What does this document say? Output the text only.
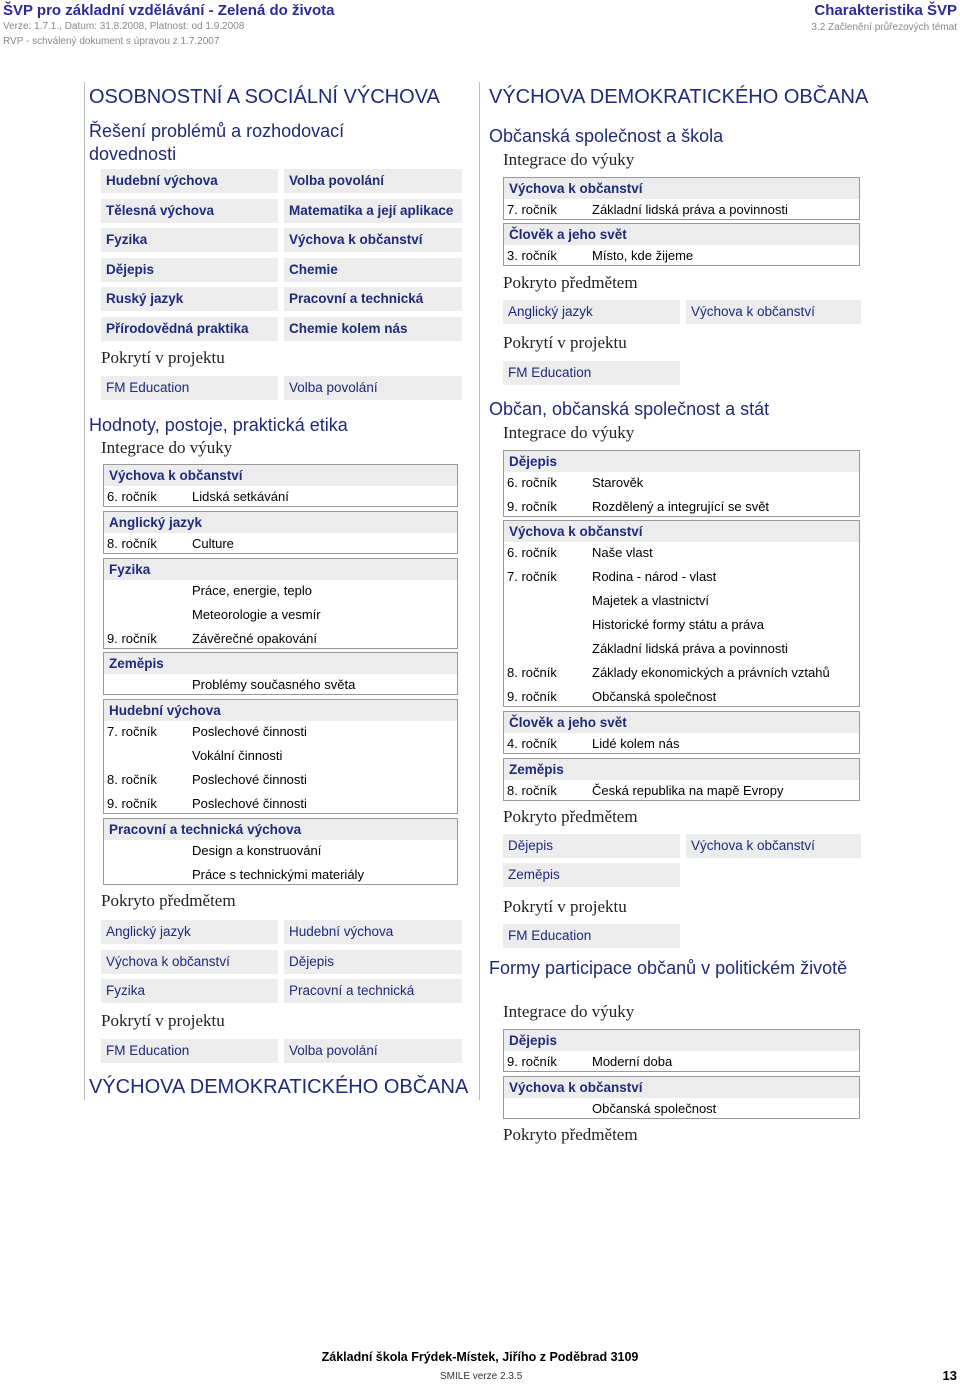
ŠVP pro základní vzdělávání - Zelená do života
Verze: 1.7.1., Datum: 31.8.2008, Platnost: od 1.9.2008
RVP - schválený dokument s úpravou z 1.7.2007
Charakteristika ŠVP
3.2 Začlenění průřezových témat
OSOBNOSTNÍ A SOCIÁLNÍ VÝCHOVA
Řešení problémů a rozhodovací dovednosti
Hudební výchova	Volba povolání
Tělesná výchova	Matematika a její aplikace
Fyzika	Výchova k občanství
Dějepis	Chemie
Ruský jazyk	Pracovní a technická
Přírodovědná praktika	Chemie kolem nás
Pokrytí v projektu
FM Education	Volba povolání
Hodnoty, postoje, praktická etika
Integrace do výuky
Výchova k občanství
6. ročník	Lidská setkávání
Anglický jazyk
8. ročník	Culture
Fyzika
Práce, energie, teplo
Meteorologie a vesmír
9. ročník	Závěrečné opakování
Zeměpis
Problémy současného světa
Hudební výchova
7. ročník	Poslechové činnosti
Vokální činnosti
8. ročník	Poslechové činnosti
9. ročník	Poslechové činnosti
Pracovní a technická výchova
Design a konstruování
Práce s technickými materiály
Pokryto předmětem
Anglický jazyk	Hudební výchova
Výchova k občanství	Dějepis
Fyzika	Pracovní a technická
Pokrytí v projektu
FM Education	Volba povolání
VÝCHOVA DEMOKRATICKÉHO OBČANA
VÝCHOVA DEMOKRATICKÉHO OBČANA
Občanská společnost a škola
Integrace do výuky
Výchova k občanství
7. ročník	Základní lidská práva a povinnosti
Člověk a jeho svět
3. ročník	Místo, kde žijeme
Pokryto předmětem
Anglický jazyk	Výchova k občanství
Pokrytí v projektu
FM Education
Občan, občanská společnost a stát
Integrace do výuky
Dějepis
6. ročník	Starověk
9. ročník	Rozdělený a integrující se svět
Výchova k občanství
6. ročník	Naše vlast
7. ročník	Rodina - národ - vlast
Majetek a vlastnictví
Historické formy státu a práva
Základní lidská práva a povinnosti
8. ročník	Základy ekonomických a právních vztahů
9. ročník	Občanská společnost
Člověk a jeho svět
4. ročník	Lidé kolem nás
Zeměpis
8. ročník	Česká republika na mapě Evropy
Pokryto předmětem
Dějepis	Výchova k občanství
Zeměpis
Pokrytí v projektu
FM Education
Formy participace občanů v politickém životě
Integrace do výuky
Dějepis
9. ročník	Moderní doba
Výchova k občanství
Občanská společnost
Pokryto předmětem
Základní škola Frýdek-Místek, Jiřího z Poděbrad 3109
SMILE verze 2.3.5	13
